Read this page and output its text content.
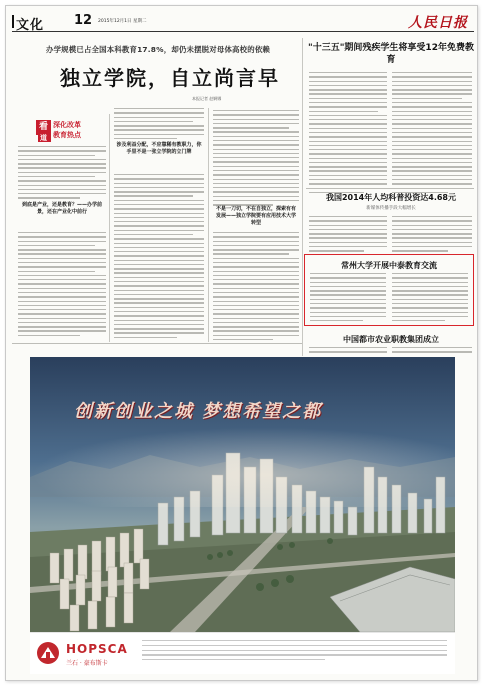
文化 12 2015年12月1日 星期二	人民日报
办学规模已占全国本科教育17.8%，却仍未摆脱对母体高校的依赖
独立学院，自立尚言早
本报记者 赵婀娜
看 深化改革
道 教育热点
到底是产业，还是教育？——办学前景，还在产业化中前行
涉及利益分配，不应靠稀有教职力，你手里不是一张立学院的立门牌
不是一刀切，不在自独立，探索有有发展——独立学院要有应用技术大学转型
"十三五"期间残疾学生将享受12年免费教育
我国2014年人均科普投资达4.68元
新媒体传播手段大幅增长
常州大学开展中泰教育交流
中国都市农业职教集团成立
创新创业之城 梦想希望之都
HOPSCA
兰石 · 豪布斯卡
